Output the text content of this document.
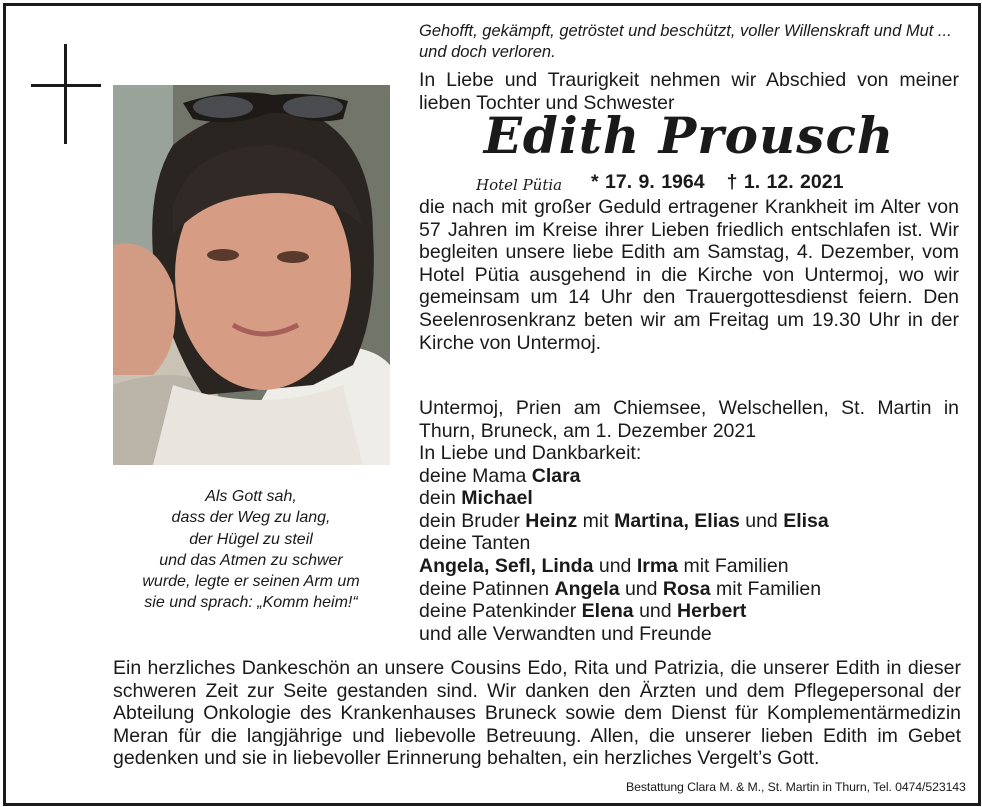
Als Gott sah,
dass der Weg zu lang,
der Hügel zu steil
und das Atmen zu schwer
wurde, legte er seinen Arm um
sie und sprach: „Komm heim!“
Gehofft, gekämpft, getröstet und beschützt, voller Willenskraft und Mut ... und doch verloren.
In Liebe und Traurigkeit nehmen wir Abschied von meiner lieben Tochter und Schwester
Edith Prousch
Hotel Pütia * 17. 9. 1964 † 1. 12. 2021
die nach mit großer Geduld ertragener Krankheit im Alter von 57 Jahren im Kreise ihrer Lieben friedlich entschlafen ist. Wir begleiten unsere liebe Edith am Samstag, 4. Dezember, vom Hotel Pütia ausgehend in die Kirche von Untermoj, wo wir gemeinsam um 14 Uhr den Trauergottesdienst feiern. Den Seelenrosenkranz beten wir am Freitag um 19.30 Uhr in der Kirche von Untermoj.
Untermoj, Prien am Chiemsee, Welschellen, St. Martin in Thurn, Bruneck, am 1. Dezember 2021
In Liebe und Dankbarkeit:
deine Mama Clara
dein Michael
dein Bruder Heinz mit Martina, Elias und Elisa
deine Tanten
Angela, Sefl, Linda und Irma mit Familien
deine Patinnen Angela und Rosa mit Familien
deine Patenkinder Elena und Herbert
und alle Verwandten und Freunde
Ein herzliches Dankeschön an unsere Cousins Edo, Rita und Patrizia, die unserer Edith in dieser schweren Zeit zur Seite gestanden sind. Wir danken den Ärzten und dem Pflegepersonal der Abteilung Onkologie des Krankenhauses Bruneck sowie dem Dienst für Komplementärmedizin Meran für die langjährige und liebevolle Betreuung. Allen, die unserer lieben Edith im Gebet gedenken und sie in liebevoller Erinnerung behalten, ein herzliches Vergelt’s Gott.
Bestattung Clara M. & M., St. Martin in Thurn, Tel. 0474/523143
